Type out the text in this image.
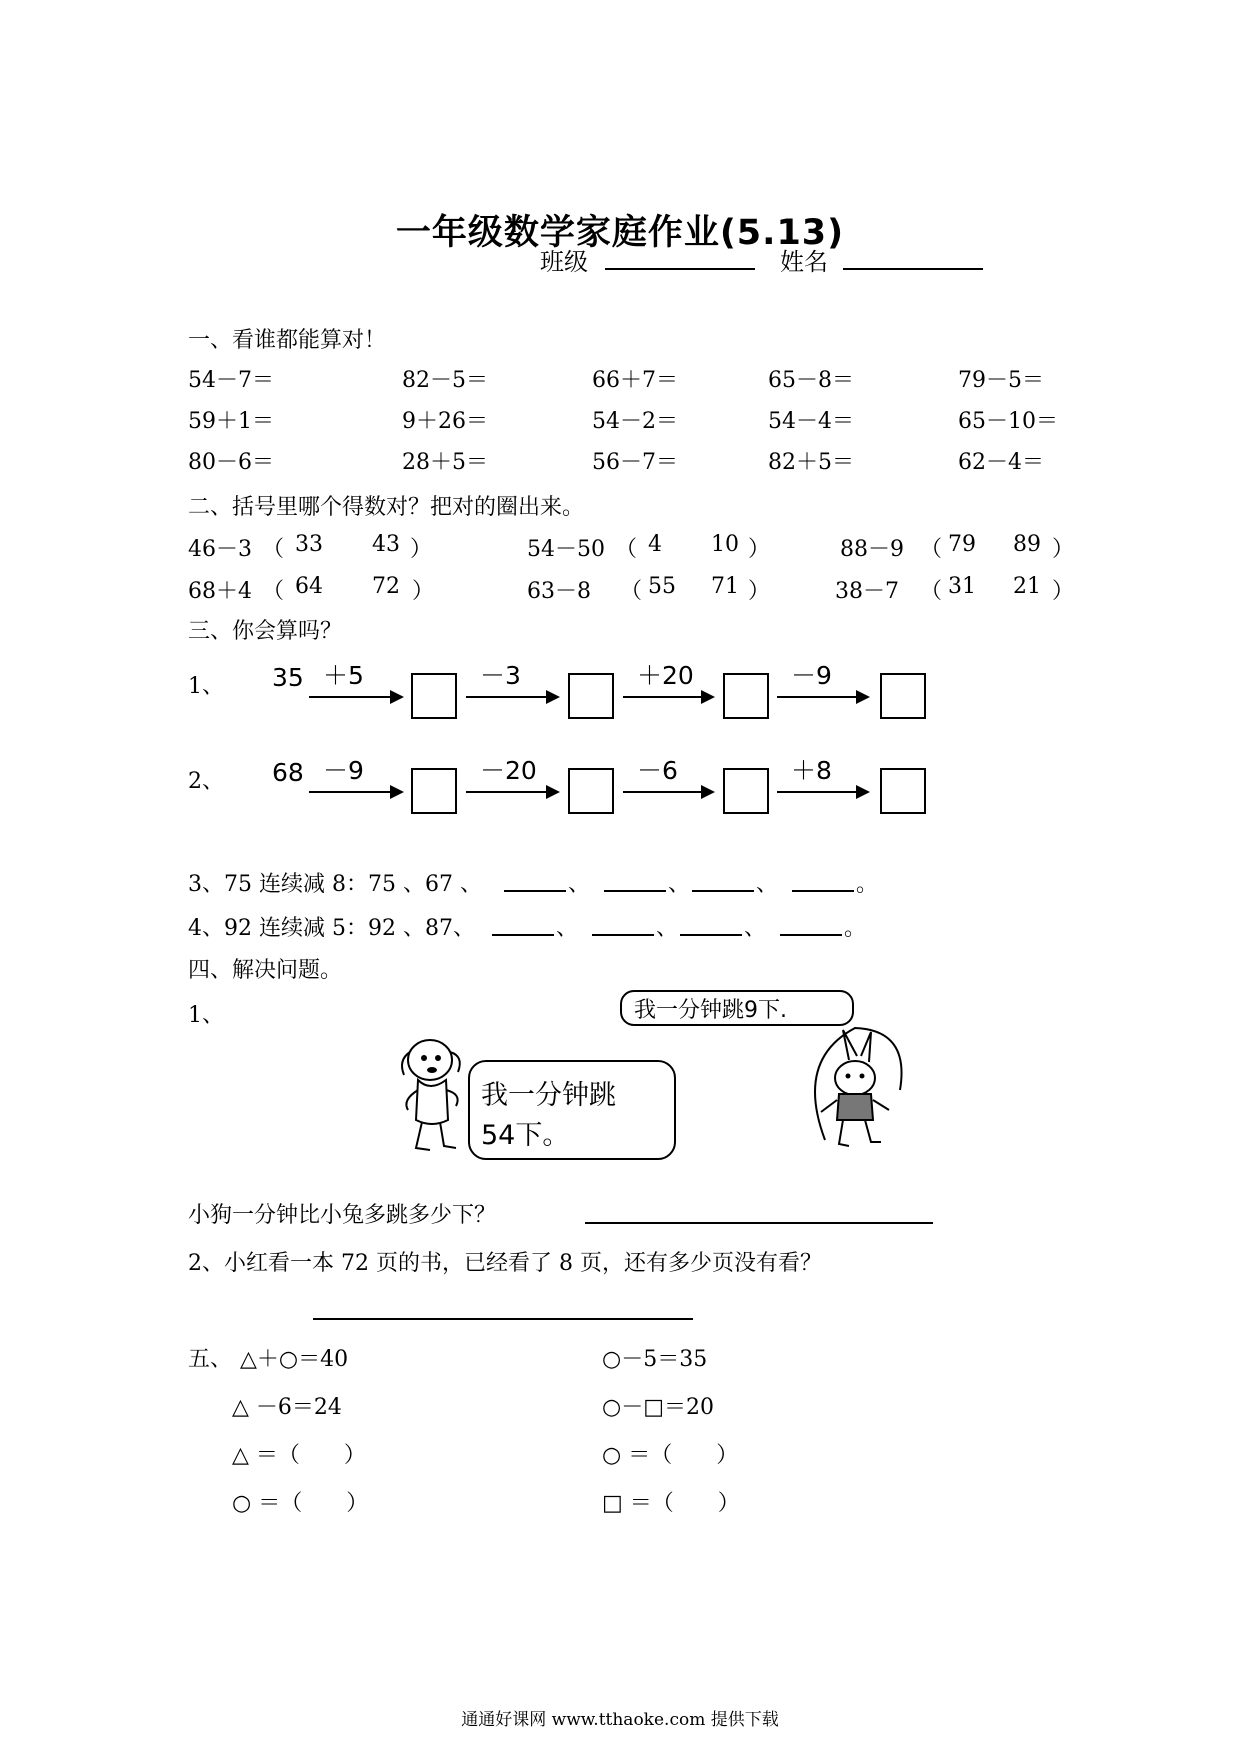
一年级数学家庭作业(5.13)
班级	姓名
一、看谁都能算对！
54－7＝	82－5＝	66＋7＝	65－8＝	79－5＝
59＋1＝	9＋26＝	54－2＝	54－4＝	65－10＝
80－6＝	28＋5＝	56－7＝	82＋5＝	62－4＝
二、括号里哪个得数对？把对的圈出来。
46－3 （ 33 43 ）	54－50 （ 4 10 ）	88－9 （ 79 89 ）
68＋4 （ 64 72 ）	63－8 （ 55 71 ）	38－7 （ 31 21 ）
三、你会算吗？
1、 35 ＋5	－3	＋20	－9
2、 68 －9	－20	－6	＋8
3、75 连续减 8：75 、67 、	、	、	、	。
4、92 连续减 5：92 、87、	、	、	、	。
四、解决问题。
1、
我一分钟跳
54下。
我一分钟跳9下.
小狗一分钟比小兔多跳多少下？
2、小红看一本 72 页的书，已经看了 8 页，还有多少页没有看？
五、 △＋○＝40	○－5＝35
△ －6＝24	○－□＝20
△ ＝（　　）	○ ＝（　　）
○ ＝（　　）	□ ＝（　　）
通通好课网 www.tthaoke.com 提供下载
